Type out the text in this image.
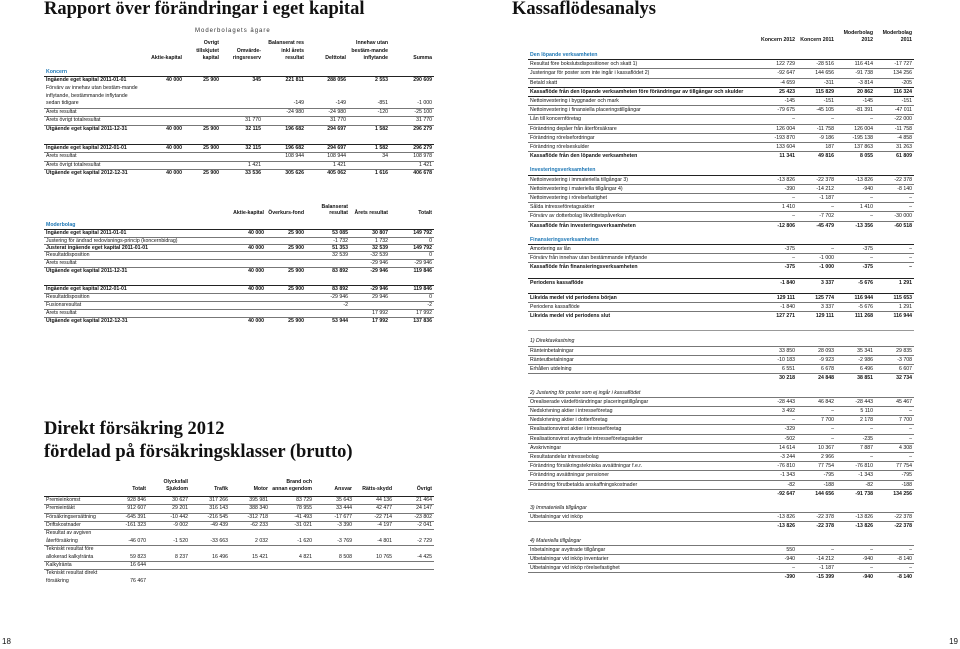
Rapport över förändringar i eget kapital	Kassaflödesanalys
Moderbolagets ägare
	Aktie-kapital	Övrigt tillskjutet kapital	Omvärde-ringsreserv	Balanserat res inkl årets resultat	Delttotal	Innehav utan bestäm-mande inflytande	Summa
Koncern							
Ingående eget kapital 2011-01-01	40 000	25 900	345	221 811	288 056	2 553	290 609
Förvärv av innehav utan bestäm-mande inflytande, bestämmande inflytande sedan tidigare				-149	-149	-851	-1 000
Årets resultat				-24 980	-24 980	-120	-25 100
Årets övrigt totalresultat			31 770		31 770		31 770
Utgående eget kapital 2011-12-31	40 000	25 900	32 115	196 682	294 697	1 582	296 279

Ingående eget kapital 2012-01-01	40 000	25 900	32 115	196 682	294 697	1 582	296 279
Årets resultat				108 944	108 944	34	108 978
Årets övrigt totalresultat			1 421		1 421		1 421
Utgående eget kapital 2012-12-31	40 000	25 900	33 536	305 626	405 062	1 616	406 678
	Aktie-kapital	Överkurs-fond	Balanserat resultat	Årets resultat	Totalt
Moderbolag					
Ingående eget kapital 2011-01-01	40 000	25 900	53 085	30 807	149 792
Justering för ändrad redovisnings-princip (koncernbidrag)			-1 732	1 732	0
Justerat ingående eget kapital 2011-01-01	40 000	25 900	51 353	32 539	149 792
Resultatdisposition			32 539	-32 539	0
Årets resultat				-29 946	-29 946
Utgående eget kapital 2011-12-31	40 000	25 900	83 892	-29 946	119 846

Ingående eget kapital 2012-01-01	40 000	25 900	83 892	-29 946	119 846
Resultatdisposition			-29 946	29 946	0
Fusionsresultat			-2		-2
Årets resultat				17 992	17 992
Utgående eget kapital 2012-12-31	40 000	25 900	53 944	17 992	137 836
Direkt försäkring 2012
fördelad på försäkringsklasser (brutto)
	Totalt	Olycksfall Sjukdom	Trafik	Motor	Brand och annan egendom	Ansvar	Rätts-skydd	Övrigt
Premieinkomst	928 846	30 627	317 266	395 981	83 729	35 643	44 136	21 464
Premieintäkt	912 607	29 201	316 143	388 340	78 955	33 444	42 477	24 147
Försäkringsersättning	-645 391	-10 442	-216 545	-312 718	-41 493	-17 677	-22 714	-23 802
Driftskostnader	-161 323	-9 002	-49 439	-62 233	-31 021	-3 390	-4 197	-2 041
Resultat av avgiven återförsäkring	-46 070	-1 520	-33 663	2 032	-1 620	-3 769	-4 801	-2 729
Tekniskt resultat före allokerad kalkylränta	59 823	8 237	16 496	15 421	4 821	8 508	10 765	-4 425
Kalkylränta	16 644							
Tekniskt resultat direkt försäkring	76 467							
	Koncern 2012	Koncern 2011	Moderbolag 2012	Moderbolag 2011
Den löpande verksamheten				
Resultat före bokslutsdispositioner och skatt 1)	122 729	-28 516	116 414	-17 727
Justeringar för poster som inte ingår i kassaflödet 2)	-92 647	144 656	-91 738	134 256
Betald skatt	-4 659	-311	-3 814	-205
Kassaflöde från den löpande verksamheten före förändringar av tillgångar och skulder	25 423	115 829	20 862	116 324
Nettoinvestering i byggnader och mark	-145	-151	-145	-151
Nettoinvestering i finansiella placeringstillgångar	-79 675	-45 105	-81 391	-47 011
Lån till koncernföretag	–	–	–	-22 000
Förändring depåer från återförsäkrare	126 004	-11 758	126 004	-11 758
Förändring rörelsefordringar	-193 870	-9 186	-195 138	-4 858
Förändring rörelseskulder	133 604	187	137 863	31 263
Kassaflöde från den löpande verksamheten	11 341	49 816	8 055	61 809
Investeringsverksamheten				
Nettoinvestering i immateriella tillgångar 3)	-13 826	-22 378	-13 826	-22 378
Nettoinvestering i materiella tillgångar 4)	-390	-14 212	-940	-8 140
Nettoinvestering i rörelsefastighet	–	-1 187	–	–
Sålda intresseföretagsaktier	1 410	–	1 410	–
Förvärv av dotterbolag likviditetspåverkan	–	-7 702	–	-30 000
Kassaflöde från investeringsverksamheten	-12 806	-45 479	-13 356	-60 518
Finansieringsverksamheten				
Amortering av lån	-375	–	-375	–
Förvärv från innehav utan bestämmande inflytande	–	-1 000	–	–
Kassaflöde från finansieringsverksamheten	-375	-1 000	-375	–

Periodens kassaflöde	-1 840	3 337	-5 676	1 291

Likvida medel vid periodens början	129 111	125 774	116 944	115 653
Periodens kassaflöde	-1 840	3 337	-5 676	1 291
Likvida medel vid periodens slut	127 271	129 111	111 268	116 944

1) Direktavkastning				
Ränteinbetalningar	33 850	28 093	35 341	29 835
Ränteutbetalningar	-10 183	-9 923	-2 986	-3 708
Erhållen utdelning	6 551	6 678	6 496	6 607
	30 218	24 848	38 851	32 734
2) Justering för poster som ej ingår i kassaflödet				
Orealiserade värdeförändringar placeringstillgångar	-28 443	46 842	-28 443	45 467
Nedskrivning aktier i intresseföretag	3 492	–	5 110	–
Nedskrivning aktier i dotterföretag	–	7 700	2 178	7 700
Realisationsvinst aktier i intresseföretag	-329	–	–	–
Realisationsvinst avyttrade intresseföretagsaktier	-502	–	-235	–
Avskrivningar	14 614	10 367	7 887	4 308
Resultatandelar intressebolag	-3 244	2 966	–	–
Förändring försäkringstekniska avsättningar f.e.r.	-76 810	77 754	-76 810	77 754
Förändring avsättningar pensioner	-1 343	-795	-1 343	-795
Förändring förutbetalda anskaffningskostnader	-82	-188	-82	-188
	-92 647	144 656	-91 738	134 256
3) Immateriella tillgångar				
Utbetalningar vid inköp	-13 826	-22 378	-13 826	-22 378
	-13 826	-22 378	-13 826	-22 378
4) Materiella tillgångar				
Inbetalningar avyttrade tillgångar	550	–	–	–
Utbetalningar vid inköp inventarier	-940	-14 212	-940	-8 140
Utbetalningar vid inköp rörelsefastighet	–	-1 187	–	–
	-390	-15 399	-940	-8 140
18	19
